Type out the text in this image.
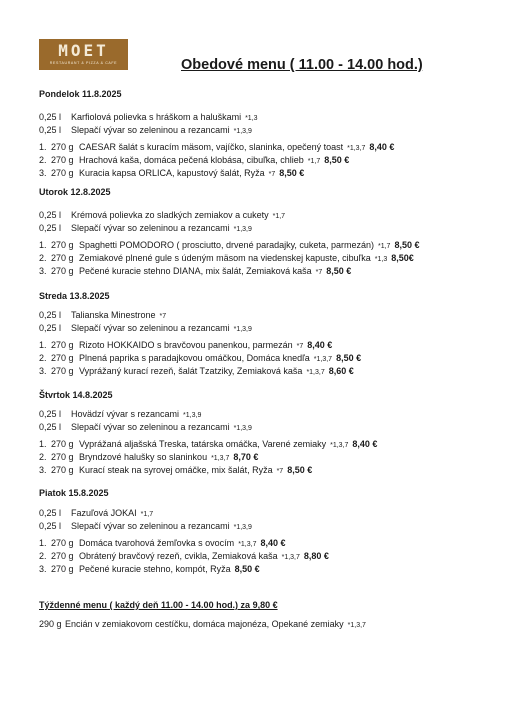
MOET
RESTAURANT & PIZZA & CAFE	Obedové menu ( 11.00 - 14.00 hod.)
Pondelok 11.8.2025
0,25 l Karfiolová polievka s hráškom a haluškami *1,3
0,25 l Slepačí vývar so zeleninou a rezancami *1,3,9
1. 270 g CAESAR šalát s kuracím mäsom, vajíčko, slaninka, opečený toast *1,3,7 8,40 €
2. 270 g Hrachová kaša, domáca pečená klobása, cibuľka, chlieb *1,7 8,50 €
3. 270 g Kuracia kapsa ORLICA, kapustový šalát, Ryža *7 8,50 €
Utorok 12.8.2025
0,25 l Krémová polievka zo sladkých zemiakov a cukety *1,7
0,25 l Slepačí vývar so zeleninou a rezancami *1,3,9
1. 270 g Spaghetti POMODORO ( prosciutto, drvené paradajky, cuketa, parmezán) *1,7 8,50 €
2. 270 g Zemiakové plnené gule s údeným mäsom na viedenskej kapuste, cibuľka *1,3 8,50€
3. 270 g Pečené kuracie stehno DIANA, mix šalát, Zemiaková kaša *7 8,50 €
Streda 13.8.2025
0,25 l Talianska Minestrone *7
0,25 l Slepačí vývar so zeleninou a rezancami *1,3,9
1. 270 g Rizoto HOKKAIDO s bravčovou panenkou, parmezán *7 8,40 €
2. 270 g Plnená paprika s paradajkovou omáčkou, Domáca knedľa *1,3,7 8,50 €
3. 270 g Vyprážaný kurací rezeň, šalát Tzatziky, Zemiaková kaša *1,3,7 8,60 €
Štvrtok 14.8.2025
0,25 l Hovädzí vývar s rezancami *1,3,9
0,25 l Slepačí vývar so zeleninou a rezancami *1,3,9
1. 270 g Vyprážaná aljašská Treska, tatárska omáčka, Varené zemiaky *1,3,7 8,40 €
2. 270 g Bryndzové halušky so slaninkou *1,3,7 8,70 €
3. 270 g Kurací steak na syrovej omáčke, mix šalát, Ryža *7 8,50 €
Piatok 15.8.2025
0,25 l Fazuľová JOKAI *1,7
0,25 l Slepačí vývar so zeleninou a rezancami *1,3,9
1. 270 g Domáca tvarohová žemľovka s ovocím *1,3,7 8,40 €
2. 270 g Obrátený bravčový rezeň, cvikla, Zemiaková kaša *1,3,7 8,80 €
3. 270 g Pečené kuracie stehno, kompót, Ryža 8,50 €
Týždenné menu ( každý deň 11.00 - 14.00 hod.) za 9,80 €
290 g Encián v zemiakovom cestíčku, domáca majonéza, Opekané zemiaky *1,3,7
